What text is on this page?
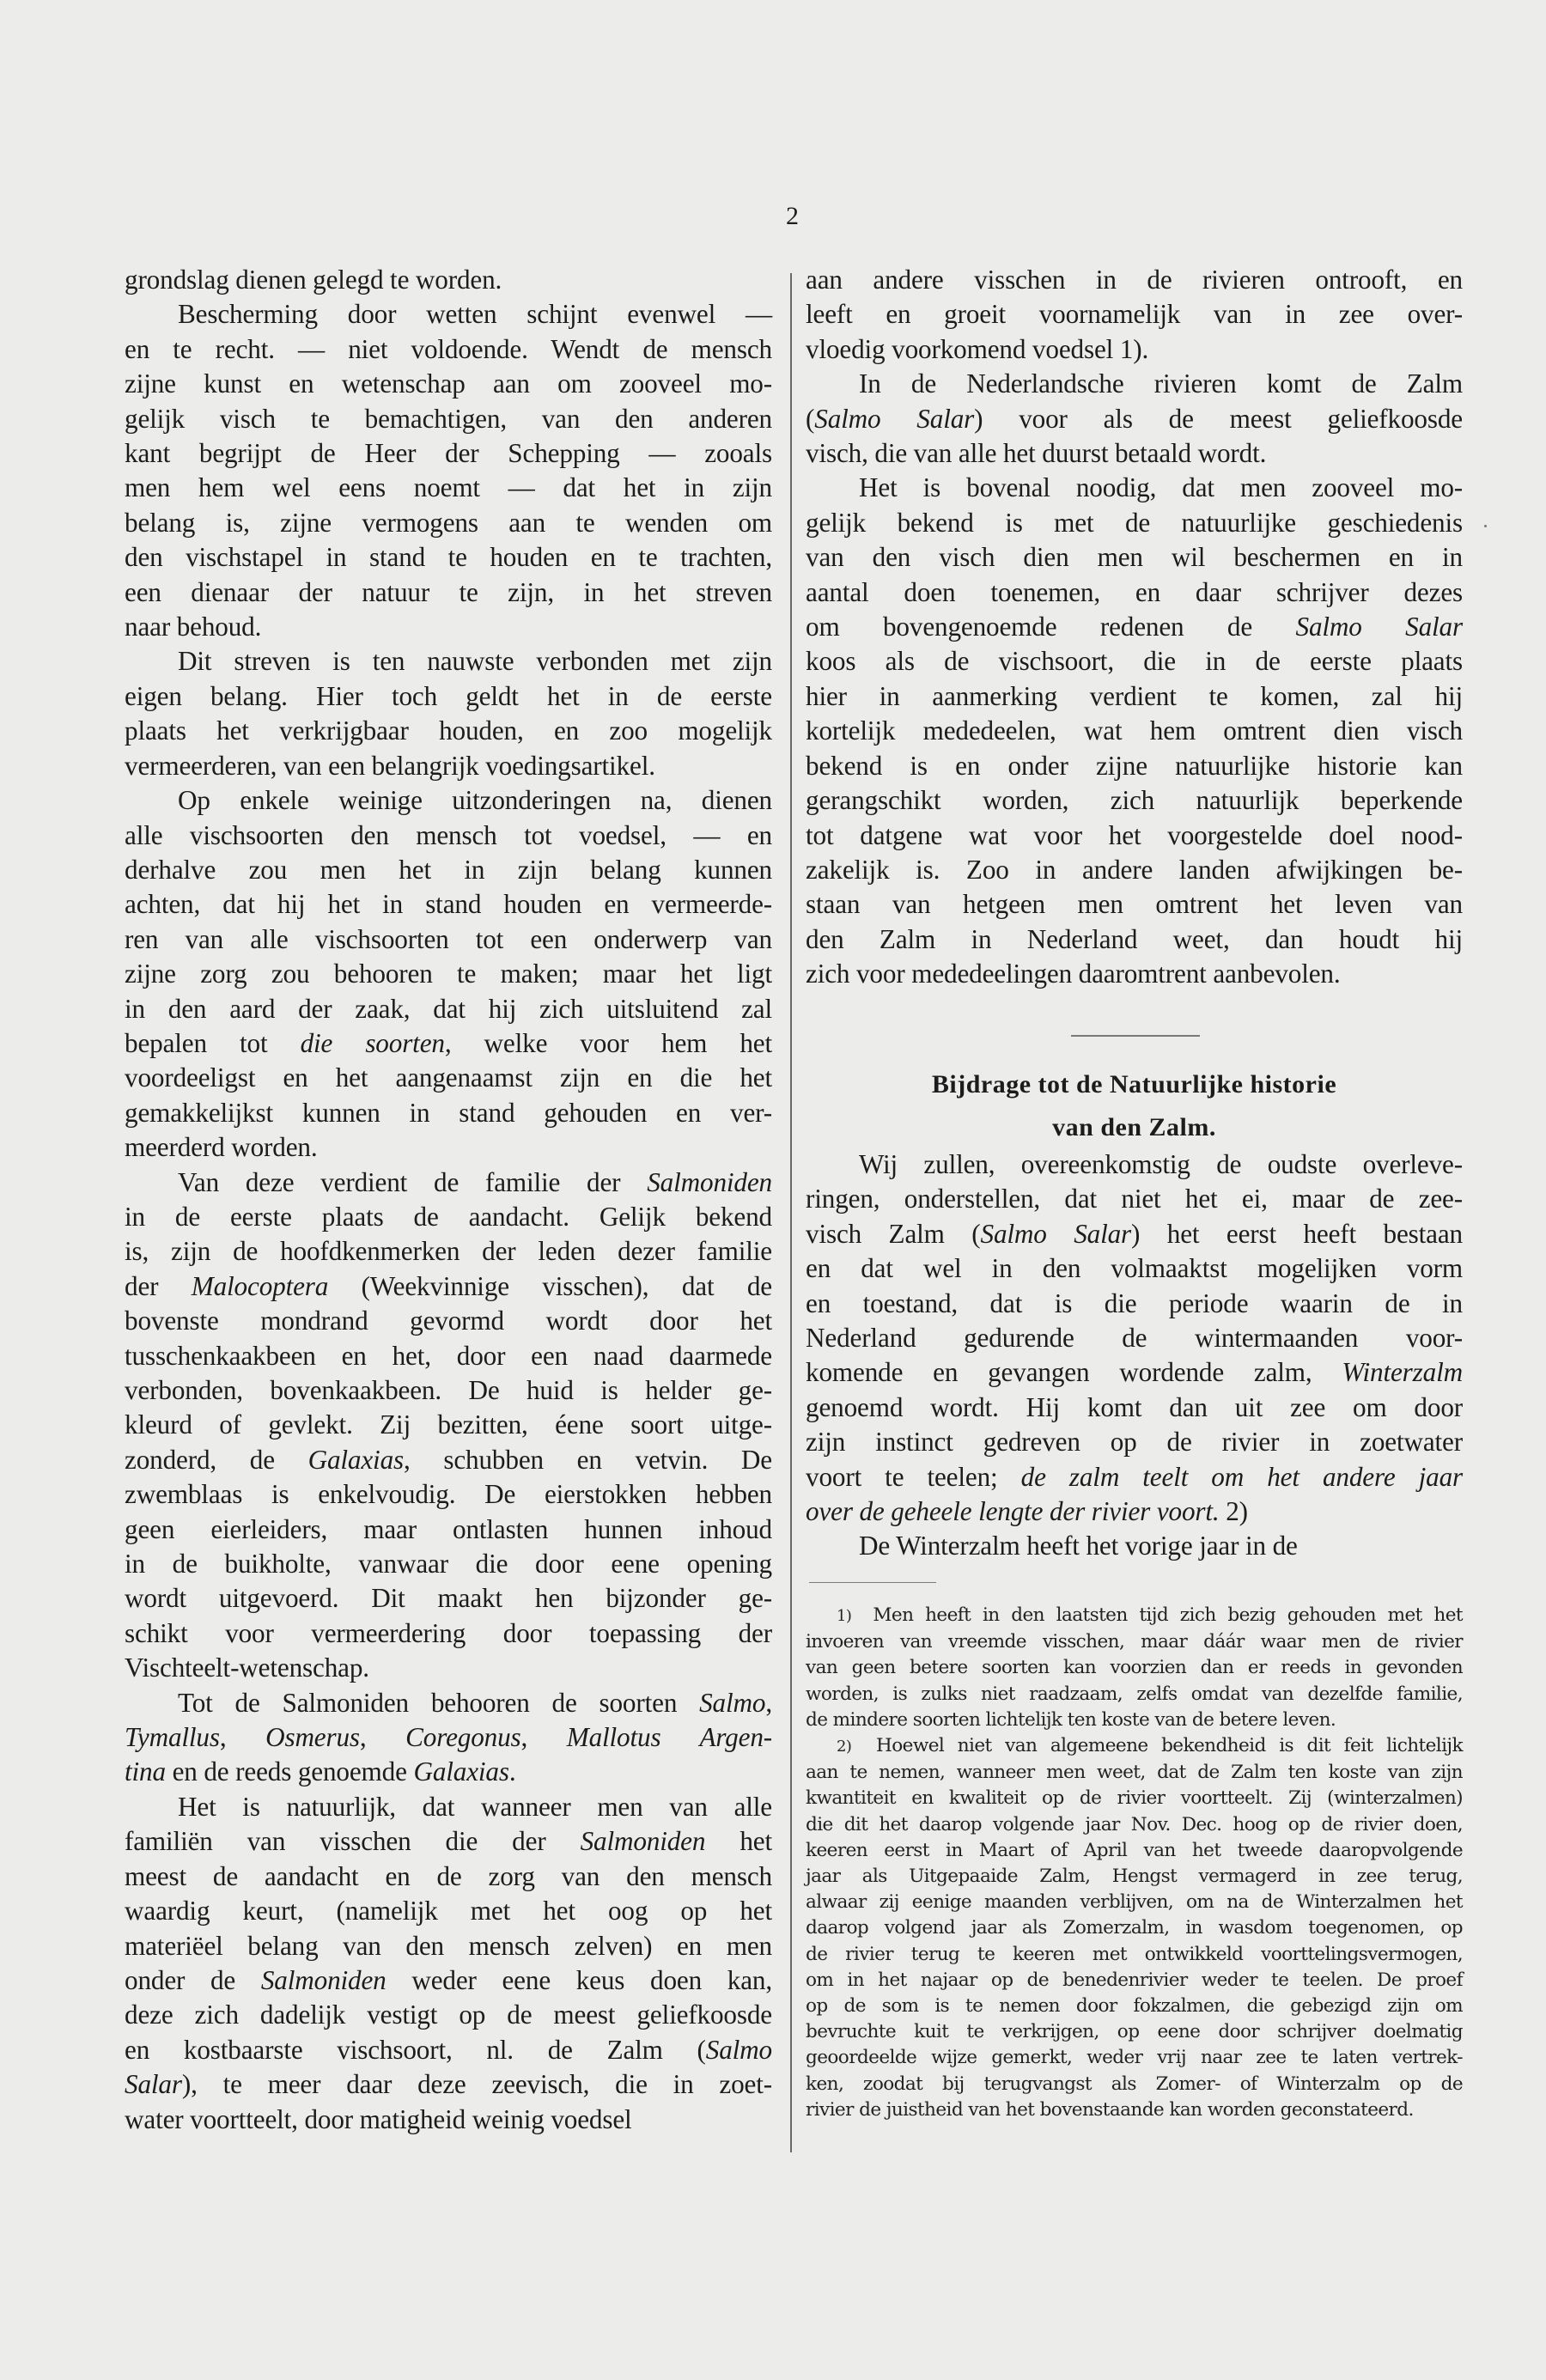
2

grondslag dienen gelegd te worden.

Bescherming door wetten schijnt evenwel —
en te recht. — niet voldoende. Wendt de mensch
zijne kunst en wetenschap aan om zooveel mo-
gelijk visch te bemachtigen, van den anderen
kant begrijpt de Heer der Schepping — zooals
men hem wel eens noemt — dat het in zijn
belang is, zijne vermogens aan te wenden om
den vischstapel in stand te houden en te trachten,
een dienaar der natuur te zijn, in het streven
naar behoud.

Dit streven is ten nauwste verbonden met zijn
eigen belang. Hier toch geldt het in de eerste
plaats het verkrijgbaar houden, en zoo mogelijk
vermeerderen, van een belangrijk voedingsartikel.

Op enkele weinige uitzonderingen na, dienen
alle vischsoorten den mensch tot voedsel, — en
derhalve zou men het in zijn belang kunnen
achten, dat hij het in stand houden en vermeerde-
ren van alle vischsoorten tot een onderwerp van
zijne zorg zou behooren te maken; maar het ligt
in den aard der zaak, dat hij zich uitsluitend zal
bepalen tot die soorten, welke voor hem het
voordeeligst en het aangenaamst zijn en die het
gemakkelijkst kunnen in stand gehouden en ver-
meerderd worden.

Van deze verdient de familie der Salmoniden
in de eerste plaats de aandacht. Gelijk bekend
is, zijn de hoofdkenmerken der leden dezer familie
der Malocoptera (Weekvinnige visschen), dat de
bovenste mondrand gevormd wordt door het
tusschenkaakbeen en het, door een naad daarmede
verbonden, bovenkaakbeen. De huid is helder ge-
kleurd of gevlekt. Zij bezitten, éene soort uitge-
zonderd, de Galaxias, schubben en vetvin. De
zwemblaas is enkelvoudig. De eierstokken hebben
geen eierleiders, maar ontlasten hunnen inhoud
in de buikholte, vanwaar die door eene opening
wordt uitgevoerd. Dit maakt hen bijzonder ge-
schikt voor vermeerdering door toepassing der
Vischteelt-wetenschap.

Tot de Salmoniden behooren de soorten Salmo,
Tymallus, Osmerus, Coregonus, Mallotus Argen-
tina en de reeds genoemde Galaxias.

Het is natuurlijk, dat wanneer men van alle
familiën van visschen die der Salmoniden het
meest de aandacht en de zorg van den mensch
waardig keurt, (namelijk met het oog op het
materiëel belang van den mensch zelven) en men
onder de Salmoniden weder eene keus doen kan,
deze zich dadelijk vestigt op de meest geliefkoosde
en kostbaarste vischsoort, nl. de Zalm (Salmo
Salar), te meer daar deze zeevisch, die in zoet-
water voortteelt, door matigheid weinig voedsel

aan andere visschen in de rivieren ontrooft, en
leeft en groeit voornamelijk van in zee over-
vloedig voorkomend voedsel 1).

In de Nederlandsche rivieren komt de Zalm
(Salmo Salar) voor als de meest geliefkoosde
visch, die van alle het duurst betaald wordt.

Het is bovenal noodig, dat men zooveel mo-
gelijk bekend is met de natuurlijke geschiedenis
van den visch dien men wil beschermen en in
aantal doen toenemen, en daar schrijver dezes
om bovengenoemde redenen de Salmo Salar
koos als de vischsoort, die in de eerste plaats
hier in aanmerking verdient te komen, zal hij
kortelijk mededeelen, wat hem omtrent dien visch
bekend is en onder zijne natuurlijke historie kan
gerangschikt worden, zich natuurlijk beperkende
tot datgene wat voor het voorgestelde doel nood-
zakelijk is. Zoo in andere landen afwijkingen be-
staan van hetgeen men omtrent het leven van
den Zalm in Nederland weet, dan houdt hij
zich voor mededeelingen daaromtrent aanbevolen.

Bijdrage tot de Natuurlijke historie
van den Zalm.

Wij zullen, overeenkomstig de oudste overleve-
ringen, onderstellen, dat niet het ei, maar de zee-
visch Zalm (Salmo Salar) het eerst heeft bestaan
en dat wel in den volmaaktst mogelijken vorm
en toestand, dat is die periode waarin de in
Nederland gedurende de wintermaanden voor-
komende en gevangen wordende zalm, Winterzalm
genoemd wordt. Hij komt dan uit zee om door
zijn instinct gedreven op de rivier in zoetwater
voort te teelen; de zalm teelt om het andere jaar
over de geheele lengte der rivier voort. 2)

De Winterzalm heeft het vorige jaar in de

1)  Men heeft in den laatsten tijd zich bezig gehouden met het
invoeren van vreemde visschen, maar dáár waar men de rivier
van geen betere soorten kan voorzien dan er reeds in gevonden
worden, is zulks niet raadzaam, zelfs omdat van dezelfde familie,
de mindere soorten lichtelijk ten koste van de betere leven.

2)  Hoewel niet van algemeene bekendheid is dit feit lichtelijk
aan te nemen, wanneer men weet, dat de Zalm ten koste van zijn
kwantiteit en kwaliteit op de rivier voortteelt. Zij (winterzalmen)
die dit het daarop volgende jaar Nov. Dec. hoog op de rivier doen,
keeren eerst in Maart of April van het tweede daaropvolgende
jaar als Uitgepaaide Zalm, Hengst vermagerd in zee terug,
alwaar zij eenige maanden verblijven, om na de Winterzalmen het
daarop volgend jaar als Zomerzalm, in wasdom toegenomen, op
de rivier terug te keeren met ontwikkeld voorttelingsvermogen,
om in het najaar op de benedenrivier weder te teelen. De proef
op de som is te nemen door fokzalmen, die gebezigd zijn om
bevruchte kuit te verkrijgen, op eene door schrijver doelmatig
geoordeelde wijze gemerkt, weder vrij naar zee te laten vertrek-
ken, zoodat bij terugvangst als Zomer- of Winterzalm op de
rivier de juistheid van het bovenstaande kan worden geconstateerd.
